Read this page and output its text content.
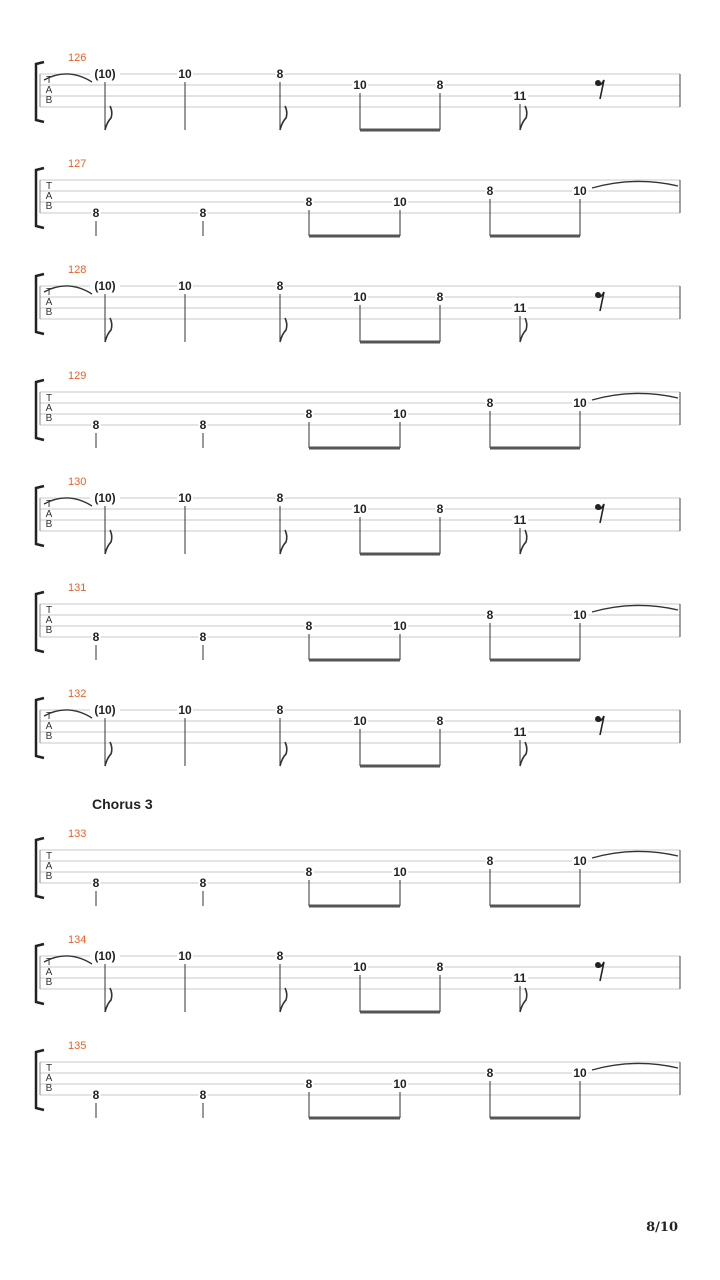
126
T
A
B
(10)	10	8
10	8
11
127
T
A
B	8	8
8	10
8	10
128
T
A
B
(10)	10	8
10	8
11
129
T
A
B	8	8
8	10
8	10
130
T
A
B
(10)	10	8
10	8
11
131
T
A
B	8	8
8	10
8	10
132
T
A
B
(10)	10	8
10	8
11
133
T
A
B	8	8
8	10
8	10
134
T
A
B
(10)	10	8
10	8
11
135
T
A
B	8	8
8	10
8	10
Chorus 3
8/10
